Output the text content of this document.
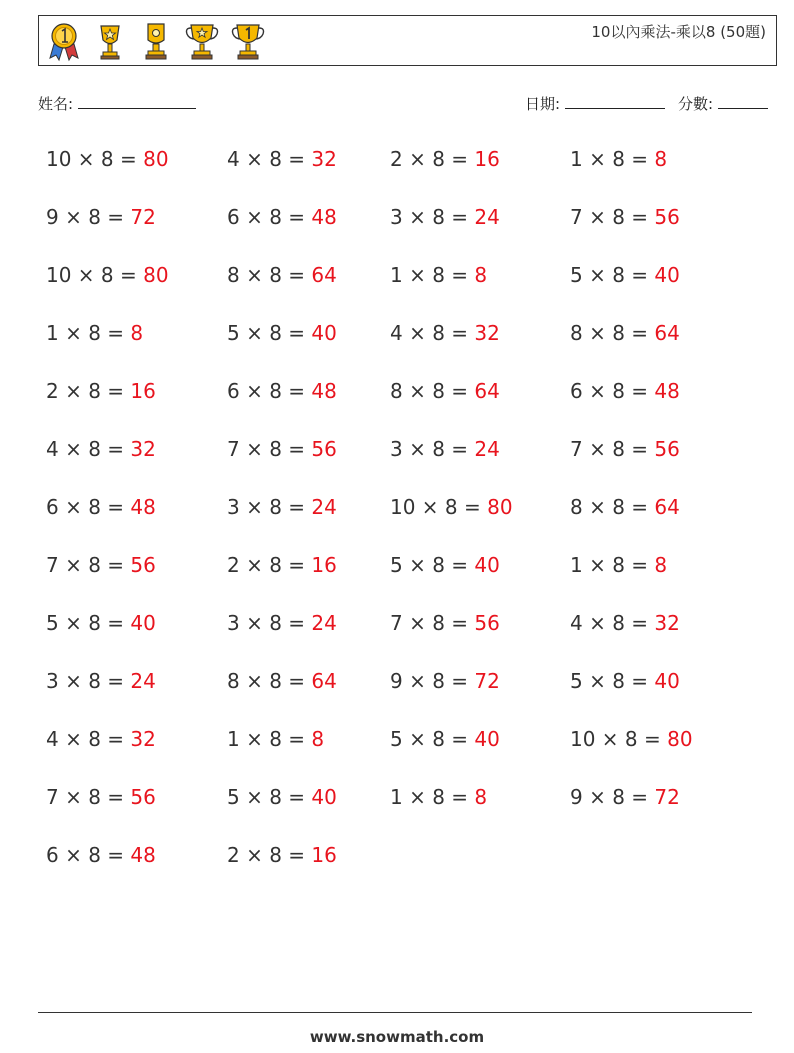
10以內乘法-乘以8 (50題)
姓名:	日期:	分數:
10 × 8 = 80	4 × 8 = 32	2 × 8 = 16	1 × 8 = 8
9 × 8 = 72	6 × 8 = 48	3 × 8 = 24	7 × 8 = 56
10 × 8 = 80	8 × 8 = 64	1 × 8 = 8	5 × 8 = 40
1 × 8 = 8	5 × 8 = 40	4 × 8 = 32	8 × 8 = 64
2 × 8 = 16	6 × 8 = 48	8 × 8 = 64	6 × 8 = 48
4 × 8 = 32	7 × 8 = 56	3 × 8 = 24	7 × 8 = 56
6 × 8 = 48	3 × 8 = 24	10 × 8 = 80	8 × 8 = 64
7 × 8 = 56	2 × 8 = 16	5 × 8 = 40	1 × 8 = 8
5 × 8 = 40	3 × 8 = 24	7 × 8 = 56	4 × 8 = 32
3 × 8 = 24	8 × 8 = 64	9 × 8 = 72	5 × 8 = 40
4 × 8 = 32	1 × 8 = 8	5 × 8 = 40	10 × 8 = 80
7 × 8 = 56	5 × 8 = 40	1 × 8 = 8	9 × 8 = 72
6 × 8 = 48	2 × 8 = 16
www.snowmath.com
